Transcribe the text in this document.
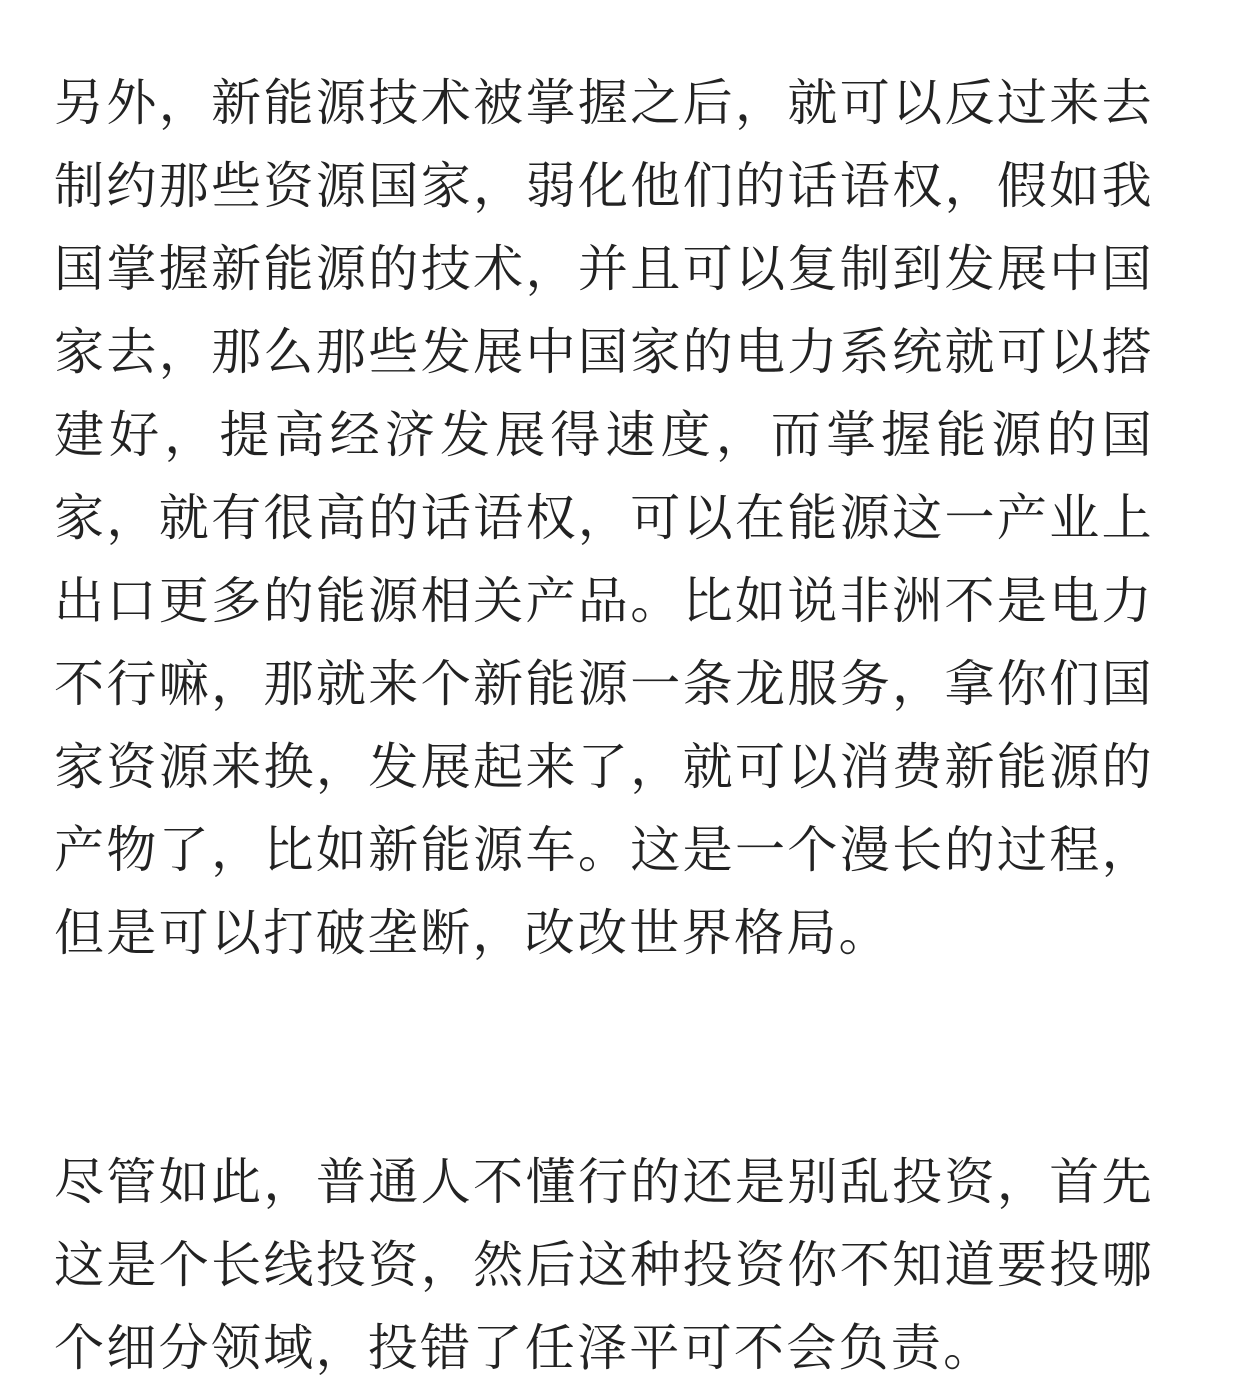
另外，新能源技术被掌握之后，就可以反过来去制约那些资源国家，弱化他们的话语权，假如我国掌握新能源的技术，并且可以复制到发展中国家去，那么那些发展中国家的电力系统就可以搭建好，提高经济发展得速度，而掌握能源的国家，就有很高的话语权，可以在能源这一产业上出口更多的能源相关产品。比如说非洲不是电力不行嘛，那就来个新能源一条龙服务，拿你们国家资源来换，发展起来了，就可以消费新能源的产物了，比如新能源车。这是一个漫长的过程，但是可以打破垄断，改改世界格局。

尽管如此，普通人不懂行的还是别乱投资，首先这是个长线投资，然后这种投资你不知道要投哪个细分领域，投错了任泽平可不会负责。
